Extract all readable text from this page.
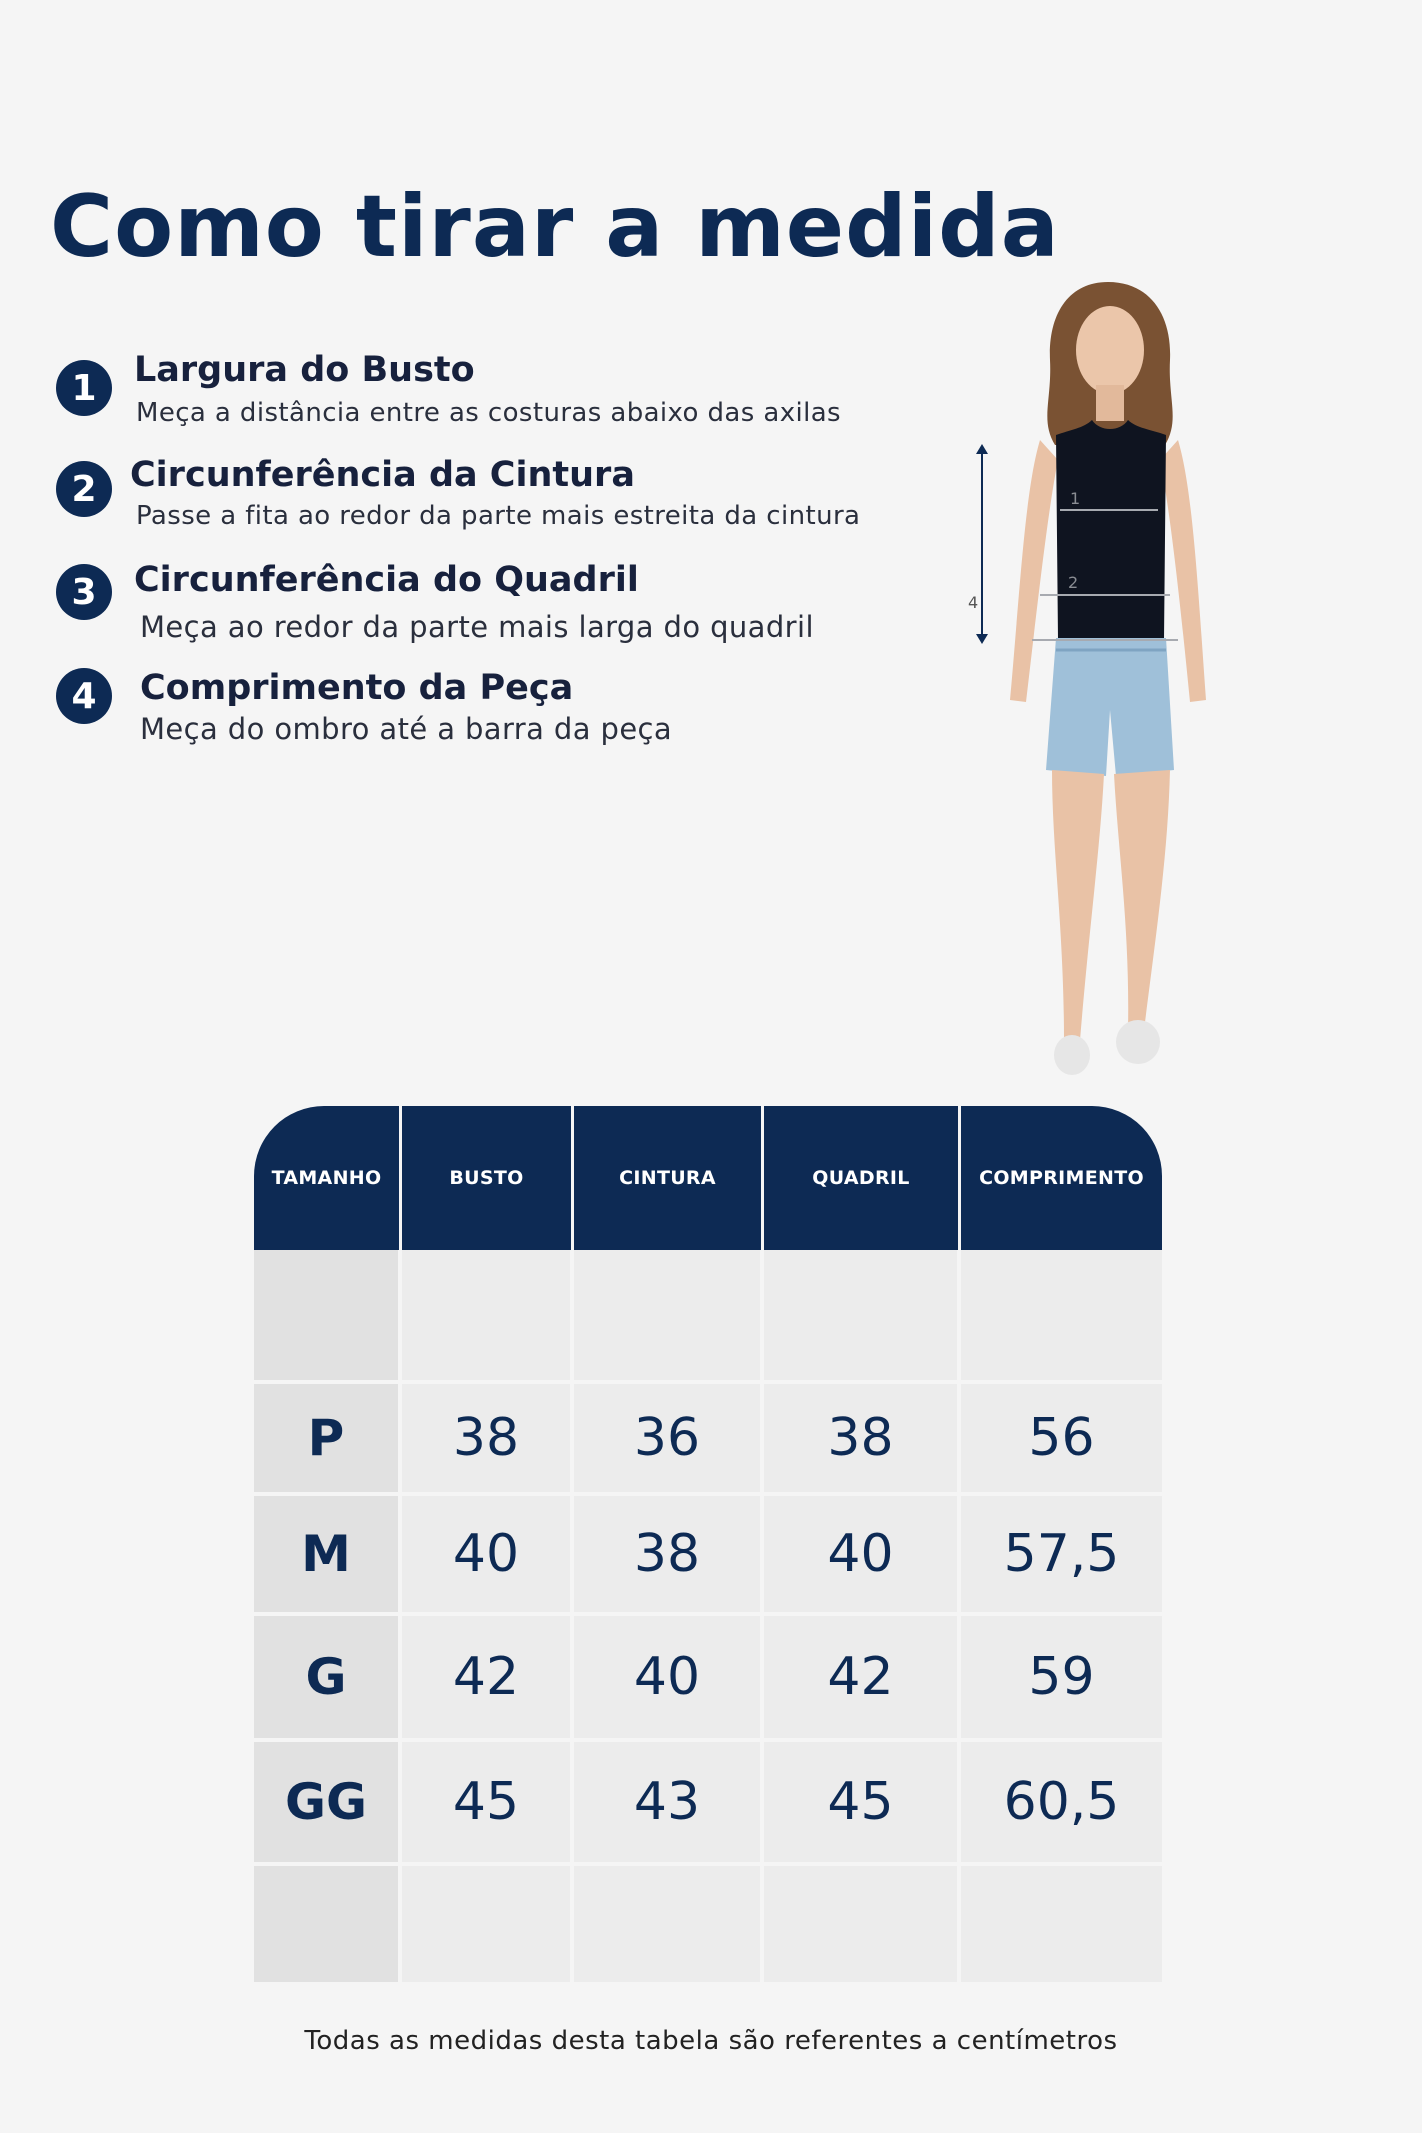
Como tirar a medida
1	Largura do Busto
Meça a distância entre as costuras abaixo das axilas
2 Circunferência da Cintura
Passe a fita ao redor da parte mais estreita da cintura
3	Circunferência do Quadril
Meça ao redor da parte mais larga do quadril
4	Comprimento da Peça
Meça do ombro até a barra da peça
1
2
4
TAMANHO	BUSTO	CINTURA	QUADRIL	COMPRIMENTO
P	38	36	38	56
M	40	38	40	57,5
G	42	40	42	59
GG	45	43	45	60,5
Todas as medidas desta tabela são referentes a centímetros
